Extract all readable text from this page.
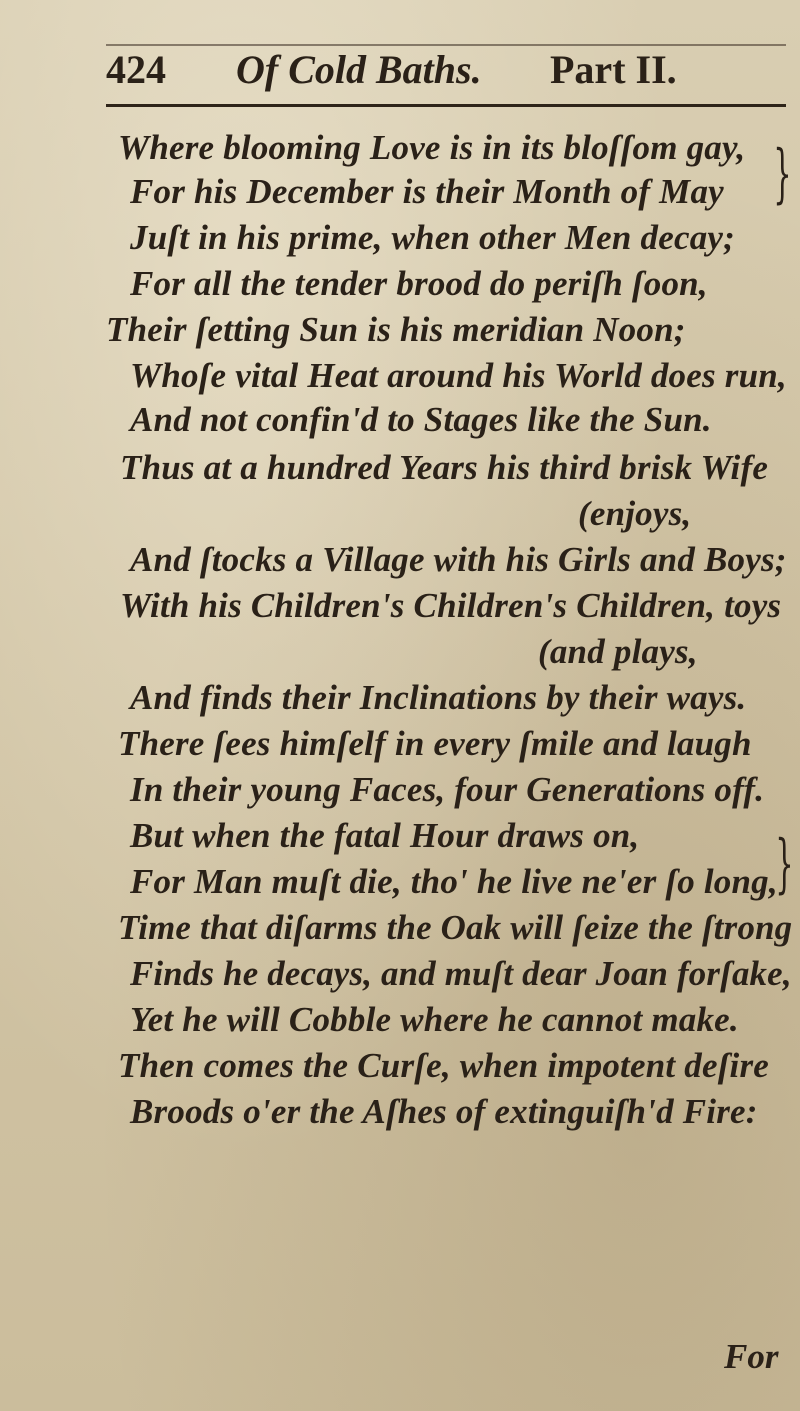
424 Of Cold Baths. Part II.
Where blooming Love is in its bloſſom gay,
For his December is their Month of May
Juſt in his prime, when other Men decay;
For all the tender brood do periſh ſoon,
Their ſetting Sun is his meridian Noon;
Whoſe vital Heat around his World does run,
And not confin'd to Stages like the Sun.
Thus at a hundred Years his third brisk Wife
(enjoys,
And ſtocks a Village with his Girls and Boys;
With his Children's Children's Children, toys
(and plays,
And finds their Inclinations by their ways.
There ſees himſelf in every ſmile and laugh
In their young Faces, four Generations off.
But when the fatal Hour draws on,
For Man muſt die, tho' he live ne'er ſo long,
Time that diſarms the Oak will ſeize the ſtrong
Finds he decays, and muſt dear Joan forſake,
Yet he will Cobble where he cannot make.
Then comes the Curſe, when impotent deſire
Broods o'er the Aſhes of extinguiſh'd Fire:
}
}
For
